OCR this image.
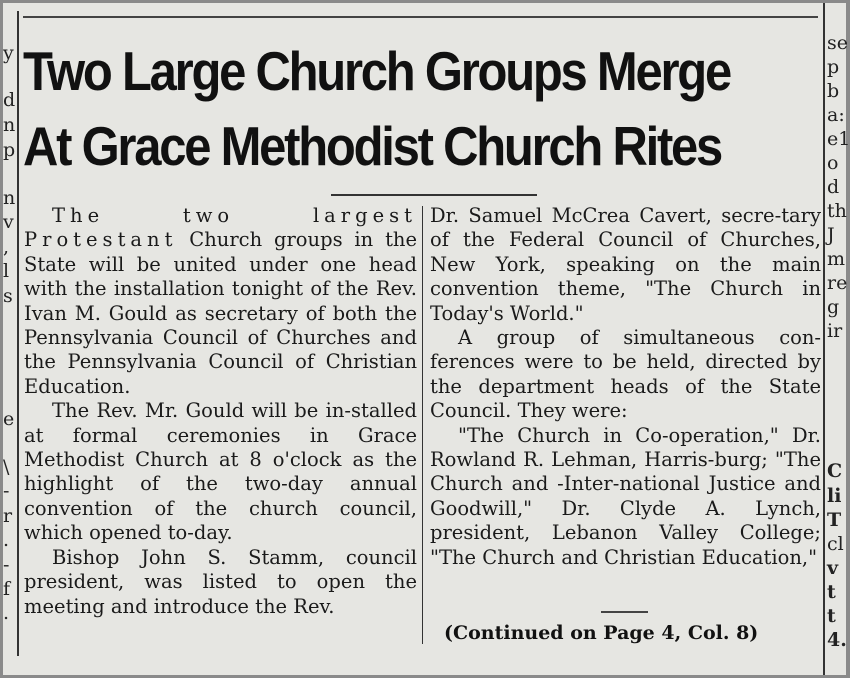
y
d
n
p
n
v
,
l
s
e
\
-
r
.
-
f
.
se
p
b
a:
e1
o
d
th
J
m
re
g
ir
C
li
T
cl
v
t
t
4.
Two Large Church Groups Merge
At Grace Methodist Church Rites

The two largest Protestant Church groups in the State will be united under one head with the installation tonight of the Rev. Ivan M. Gould as secretary of both the Pennsylvania Council of Churches and the Pennsylvania Council of Christian Education.

The Rev. Mr. Gould will be in-stalled at formal ceremonies in Grace Methodist Church at 8 o'clock as the highlight of the two-day annual convention of the church council, which opened to-day.

Bishop John S. Stamm, council president, was listed to open the meeting and introduce the Rev.

Dr. Samuel McCrea Cavert, secre-tary of the Federal Council of Churches, New York, speaking on the main convention theme, "The Church in Today's World."

A group of simultaneous con-ferences were to be held, directed by the department heads of the State Council. They were:

"The Church in Co-operation," Dr. Rowland R. Lehman, Harris-burg; "The Church and -Inter-national Justice and Goodwill," Dr. Clyde A. Lynch, president, Lebanon Valley College; "The Church and Christian Education,"

(Continued on Page 4, Col. 8)
